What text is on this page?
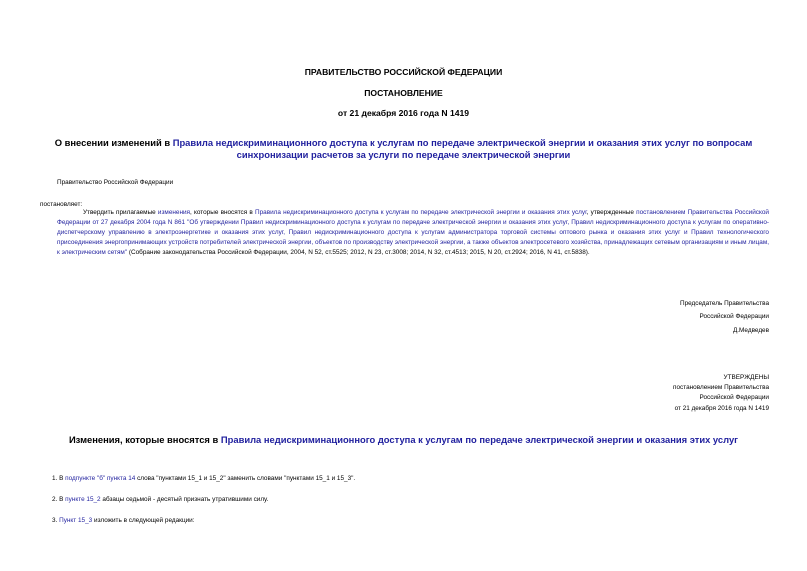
ПРАВИТЕЛЬСТВО РОССИЙСКОЙ ФЕДЕРАЦИИ
ПОСТАНОВЛЕНИЕ
от 21 декабря 2016 года N 1419
О внесении изменений в Правила недискриминационного доступа к услугам по передаче электрической энергии и оказания этих услуг по вопросам синхронизации расчетов за услуги по передаче электрической энергии
Правительство Российской Федерации
постановляет:
Утвердить прилагаемые изменения, которые вносятся в Правила недискриминационного доступа к услугам по передаче электрической энергии и оказания этих услуг, утвержденные постановлением Правительства Российской Федерации от 27 декабря 2004 года N 861 "Об утверждении Правил недискриминационного доступа к услугам по передаче электрической энергии и оказания этих услуг, Правил недискриминационного доступа к услугам по оперативно-диспетчерскому управлению в электроэнергетике и оказания этих услуг, Правил недискриминационного доступа к услугам администратора торговой системы оптового рынка и оказания этих услуг и Правил технологического присоединения энергопринимающих устройств потребителей электрической энергии, объектов по производству электрической энергии, а также объектов электросетевого хозяйства, принадлежащих сетевым организациям и иным лицам, к электрическим сетям" (Собрание законодательства Российской Федерации, 2004, N 52, ст.5525; 2012, N 23, ст.3008; 2014, N 32, ст.4513; 2015, N 20, ст.2924; 2016, N 41, ст.5838).
Председатель Правительства
Российской Федерации
Д.Медведев
УТВЕРЖДЕНЫ
постановлением Правительства
Российской Федерации
от 21 декабря 2016 года N 1419
Изменения, которые вносятся в Правила недискриминационного доступа к услугам по передаче электрической энергии и оказания этих услуг
1. В подпункте "б" пункта 14 слова "пунктами 15_1 и 15_2" заменить словами "пунктами 15_1 и 15_3".
2. В пункте 15_2 абзацы седьмой - десятый признать утратившими силу.
3. Пункт 15_3 изложить в следующей редакции:
